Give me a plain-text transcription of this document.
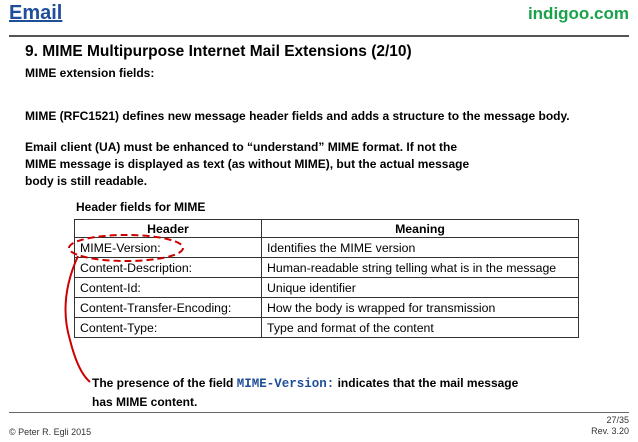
Email	indigoo.com
9. MIME Multipurpose Internet Mail Extensions (2/10)
MIME extension fields:
MIME (RFC1521) defines new message header fields and adds a structure to the message body.
Email client (UA) must be enhanced to “understand” MIME format. If not the
MIME message is displayed as text (as without MIME), but the actual message
body is still readable.
Header fields for MIME
Header	Meaning
MIME-Version:	Identifies the MIME version
Content-Description:	Human-readable string telling what is in the message
Content-Id:	Unique identifier
Content-Transfer-Encoding:	How the body is wrapped for transmission
Content-Type:	Type and format of the content
The presence of the field MIME-Version: indicates that the mail message
has MIME content.
© Peter R. Egli 2015
27/35
Rev. 3.20
